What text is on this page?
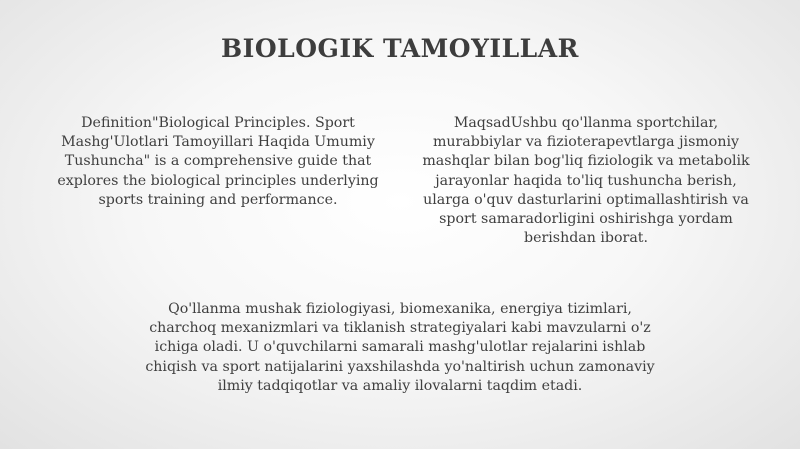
BIOLOGIK TAMOYILLAR
Definition"Biological Principles. Sport Mashg'Ulotlari Tamoyillari Haqida Umumiy Tushuncha" is a comprehensive guide that explores the biological principles underlying sports training and performance.
MaqsadUshbu qo'llanma sportchilar, murabbiylar va fizioterapevtlarga jismoniy mashqlar bilan bog'liq fiziologik va metabolik jarayonlar haqida to'liq tushuncha berish, ularga o'quv dasturlarini optimallashtirish va sport samaradorligini oshirishga yordam berishdan iborat.
Qo'llanma mushak fiziologiyasi, biomexanika, energiya tizimlari, charchoq mexanizmlari va tiklanish strategiyalari kabi mavzularni o'z ichiga oladi. U o'quvchilarni samarali mashg'ulotlar rejalarini ishlab chiqish va sport natijalarini yaxshilashda yo'naltirish uchun zamonaviy ilmiy tadqiqotlar va amaliy ilovalarni taqdim etadi.
